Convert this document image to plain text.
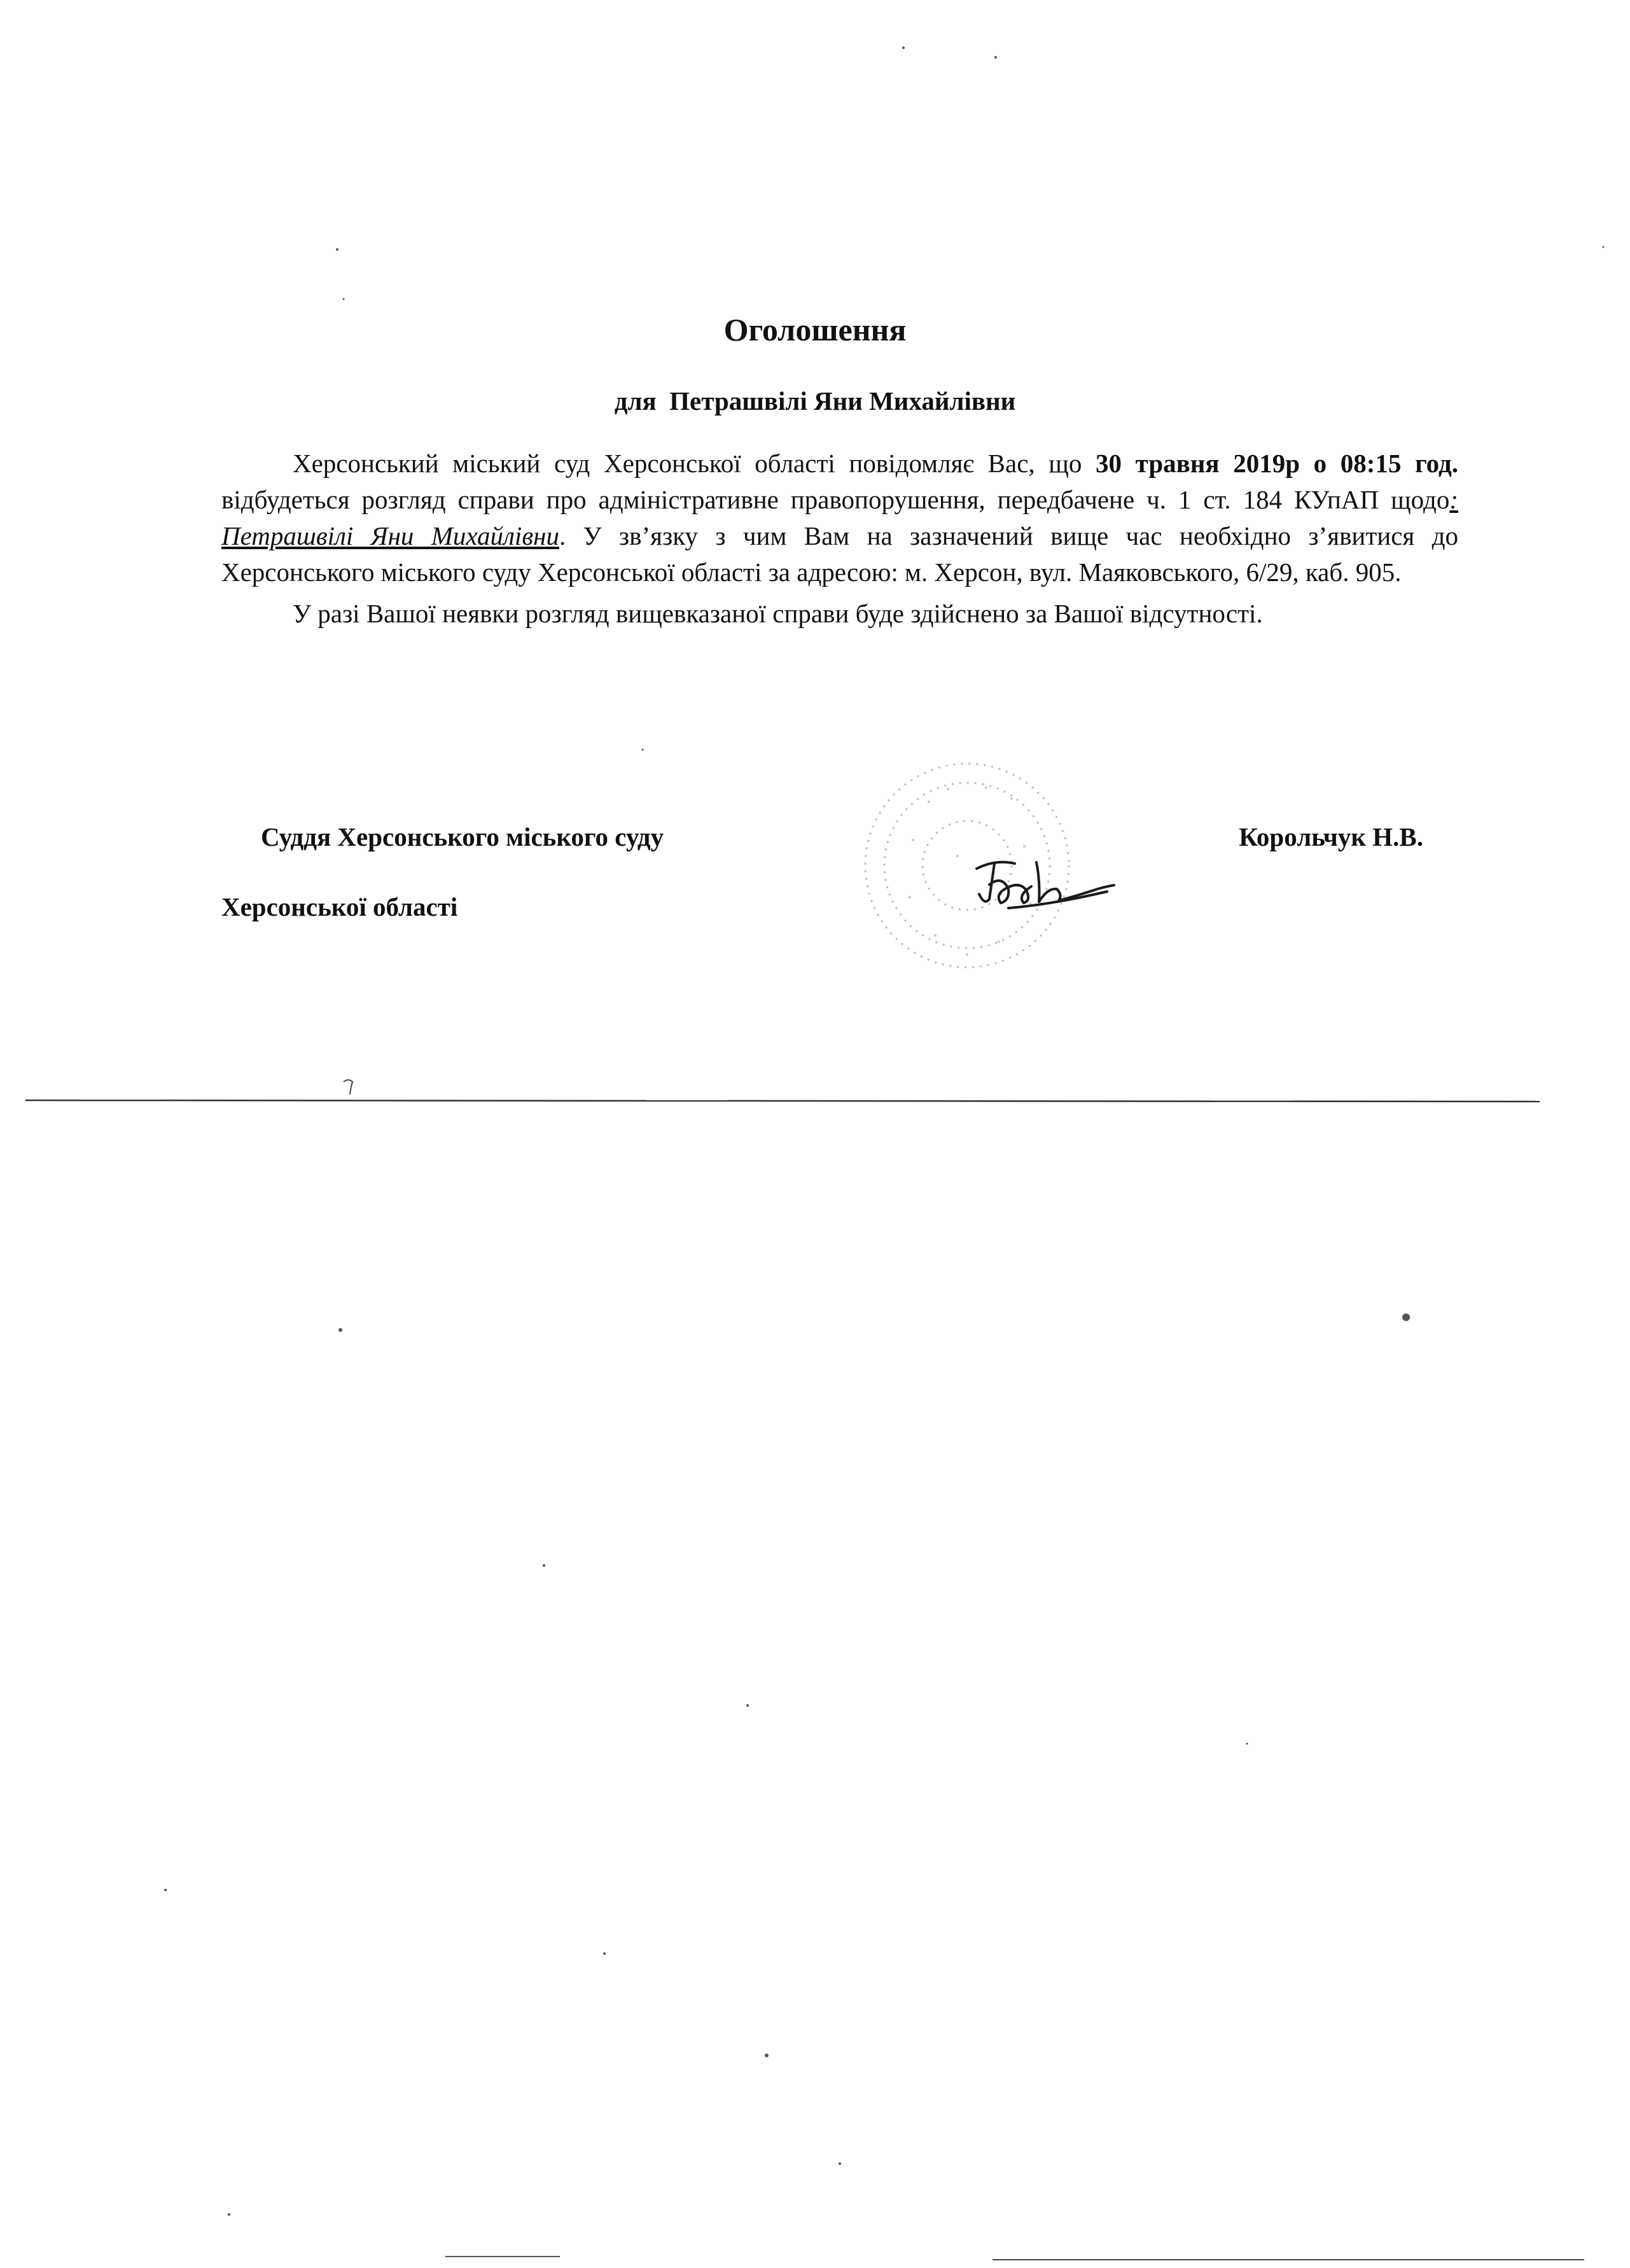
Оголошення
для Петрашвілі Яни Михайлівни

Херсонський міський суд Херсонської області повідомляє Вас, що 30 травня 2019р о 08:15 год. відбудеться розгляд справи про адміністративне правопорушення, передбачене ч. 1 ст. 184 КУпАП щодо: Петрашвілі Яни Михайлівни. У зв’язку з чим Вам на зазначений вище час необхідно з’явитися до Херсонського міського суду Херсонської області за адресою: м. Херсон, вул. Маяковського, 6/29, каб. 905.

У разі Вашої неявки розгляд вищевказаної справи буде здійснено за Вашої відсутності.

Суддя Херсонського міського суду
Херсонської області
Корольчук Н.В.
